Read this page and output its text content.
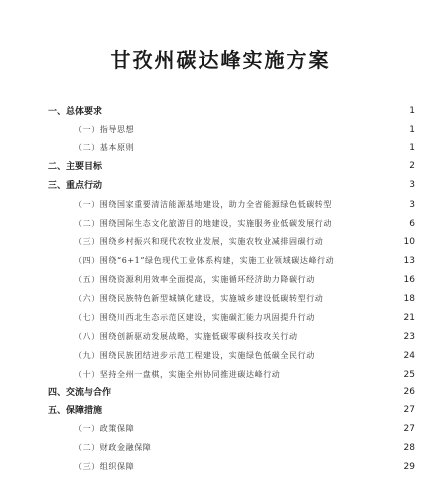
甘孜州碳达峰实施方案
一、总体要求	1
（一）指导思想	1
（二）基本原则	1
二、主要目标	2
三、重点行动	3
（一）围绕国家重要清洁能源基地建设，助力全省能源绿色低碳转型	3
（二）围绕国际生态文化旅游目的地建设，实施服务业低碳发展行动	6
（三）围绕乡村振兴和现代农牧业发展，实施农牧业减排固碳行动	10
（四）围绕“6+1”绿色现代工业体系构建，实施工业领域碳达峰行动	13
（五）围绕资源利用效率全面提高，实施循环经济助力降碳行动	16
（六）围绕民族特色新型城镇化建设，实施城乡建设低碳转型行动	18
（七）围绕川西北生态示范区建设，实施碳汇能力巩固提升行动	21
（八）围绕创新驱动发展战略，实施低碳零碳科技攻关行动	23
（九）围绕民族团结进步示范工程建设，实施绿色低碳全民行动	24
（十）坚持全州一盘棋，实施全州协同推进碳达峰行动	25
四、交流与合作	26
五、保障措施	27
（一）政策保障	27
（二）财政金融保障	28
（三）组织保障	29
